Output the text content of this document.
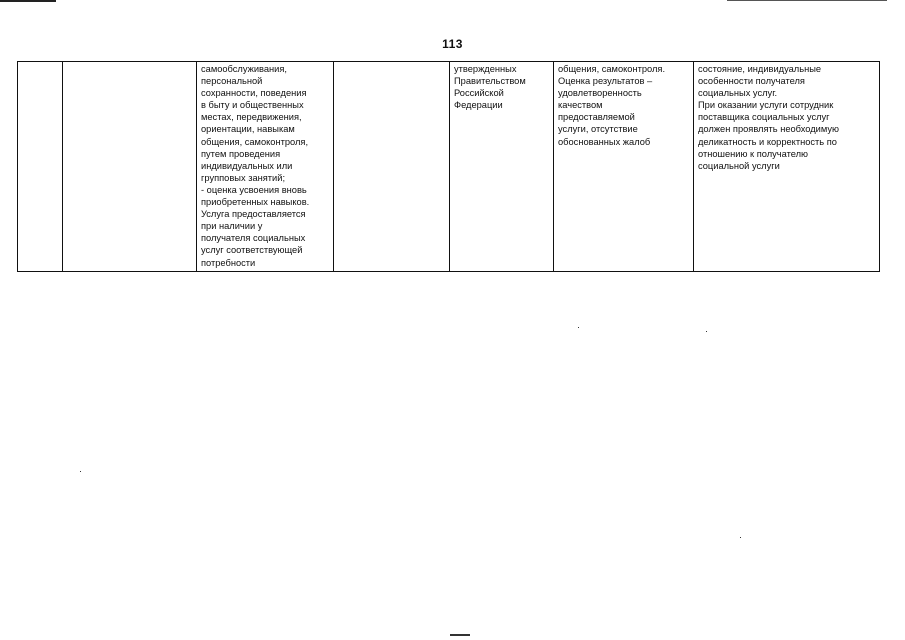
113
		самообслуживания,
персональной
сохранности, поведения
в быту и общественных
местах, передвижения,
ориентации, навыкам
общения, самоконтроля,
путем проведения
индивидуальных или
групповых занятий;
- оценка усвоения вновь
приобретенных навыков.
Услуга предоставляется
при наличии у
получателя социальных
услуг соответствующей
потребности		утвержденных
Правительством
Российской
Федерации	общения, самоконтроля.
Оценка результатов –
удовлетворенность
качеством
предоставляемой
услуги, отсутствие
обоснованных жалоб	состояние, индивидуальные
особенности получателя
социальных услуг.
При оказании услуги сотрудник
поставщика социальных услуг
должен проявлять необходимую
деликатность и корректность по
отношению к получателю
социальной услуги
